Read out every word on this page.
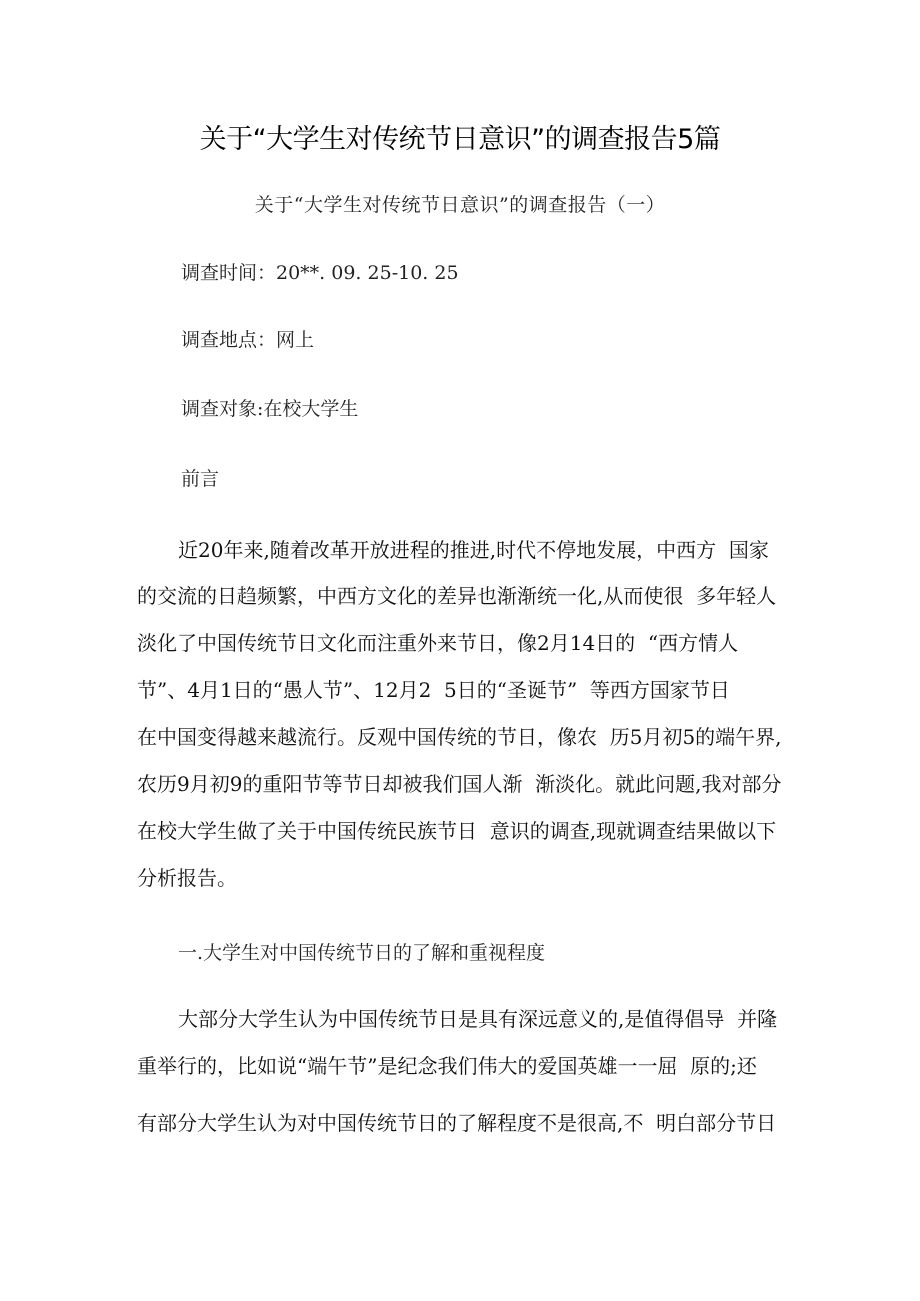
关于“大学生对传统节日意识”的调查报告5篇

关于“大学生对传统节日意识”的调查报告（一）

调查时间：20**. 09. 25-10. 25
调查地点：网上
调查对象:在校大学生
前言
近20年来,随着改革开放进程的推进,时代不停地发展，中西方  国家
的交流的日趋频繁，中西方文化的差异也渐渐统一化,从而使很  多年轻人
淡化了中国传统节日文化而注重外来节日，像2月14日的  “西方情人
节”、4月1日的“愚人节”、12月2  5日的“圣诞节”  等西方国家节日
在中国变得越来越流行。反观中国传统的节日，像农  历5月初5的端午界,
农历9月初9的重阳节等节日却被我们国人渐  渐淡化。就此问题,我对部分
在校大学生做了关于中国传统民族节日  意识的调查,现就调查结果做以下
分析报告。
一.大学生对中国传统节日的了解和重视程度
大部分大学生认为中国传统节日是具有深远意义的,是值得倡导  并隆
重举行的，比如说“端午节”是纪念我们伟大的爱国英雄一一屈  原的;还
有部分大学生认为对中国传统节日的了解程度不是很高,不  明白部分节日
